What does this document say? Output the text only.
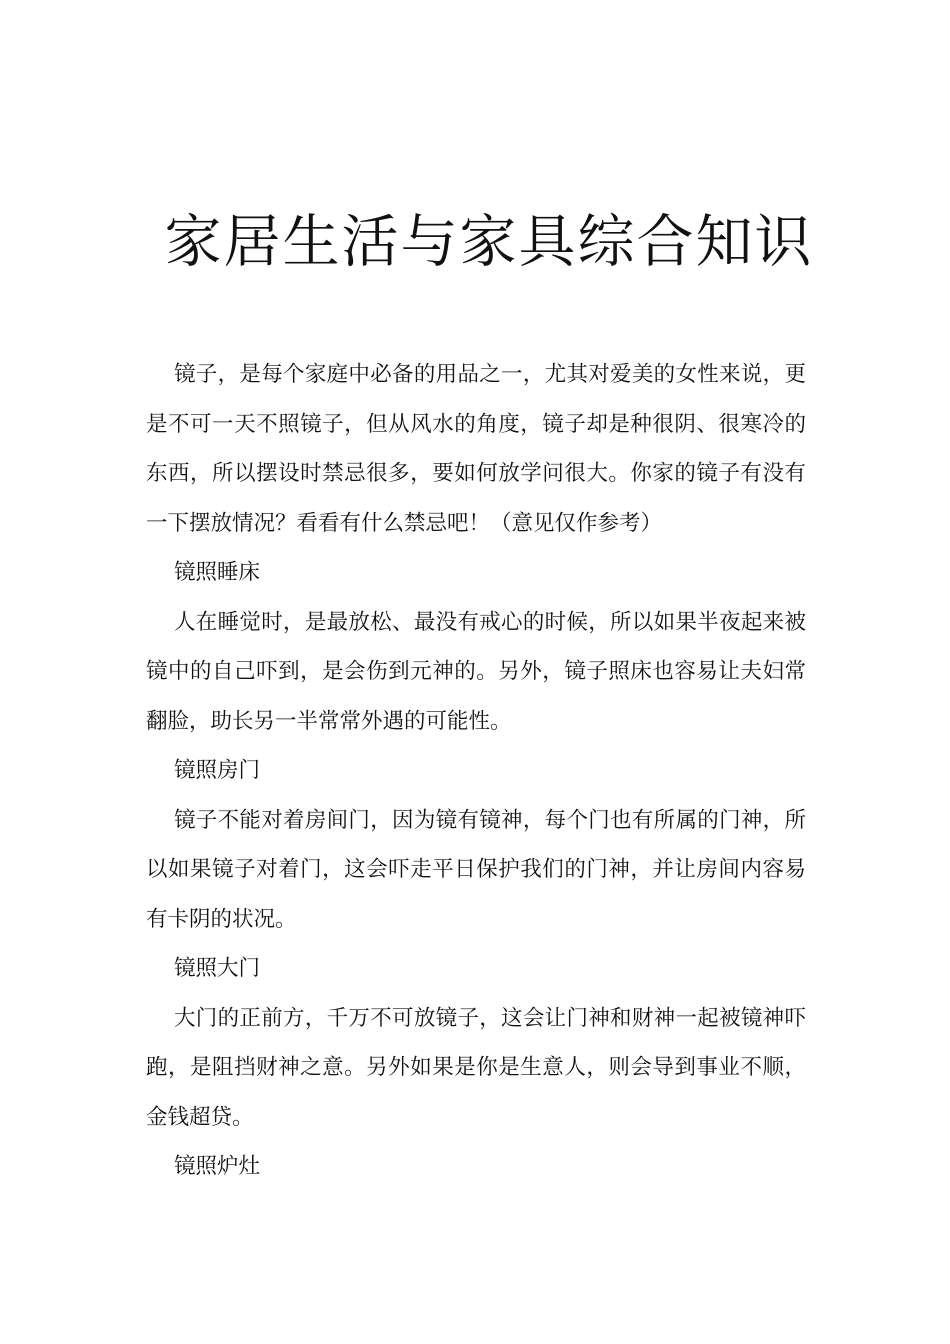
家居生活与家具综合知识

镜子，是每个家庭中必备的用品之一，尤其对爱美的女性来说，更是不可一天不照镜子，但从风水的角度，镜子却是种很阴、很寒冷的东西，所以摆设时禁忌很多，要如何放学问很大。你家的镜子有没有一下摆放情况？看看有什么禁忌吧！（意见仅作参考）

镜照睡床

人在睡觉时，是最放松、最没有戒心的时候，所以如果半夜起来被镜中的自己吓到，是会伤到元神的。另外，镜子照床也容易让夫妇常翻脸，助长另一半常常外遇的可能性。

镜照房门

镜子不能对着房间门，因为镜有镜神，每个门也有所属的门神，所以如果镜子对着门，这会吓走平日保护我们的门神，并让房间内容易有卡阴的状况。

镜照大门

大门的正前方，千万不可放镜子，这会让门神和财神一起被镜神吓跑，是阻挡财神之意。另外如果是你是生意人，则会导到事业不顺，金钱超贷。

镜照炉灶
